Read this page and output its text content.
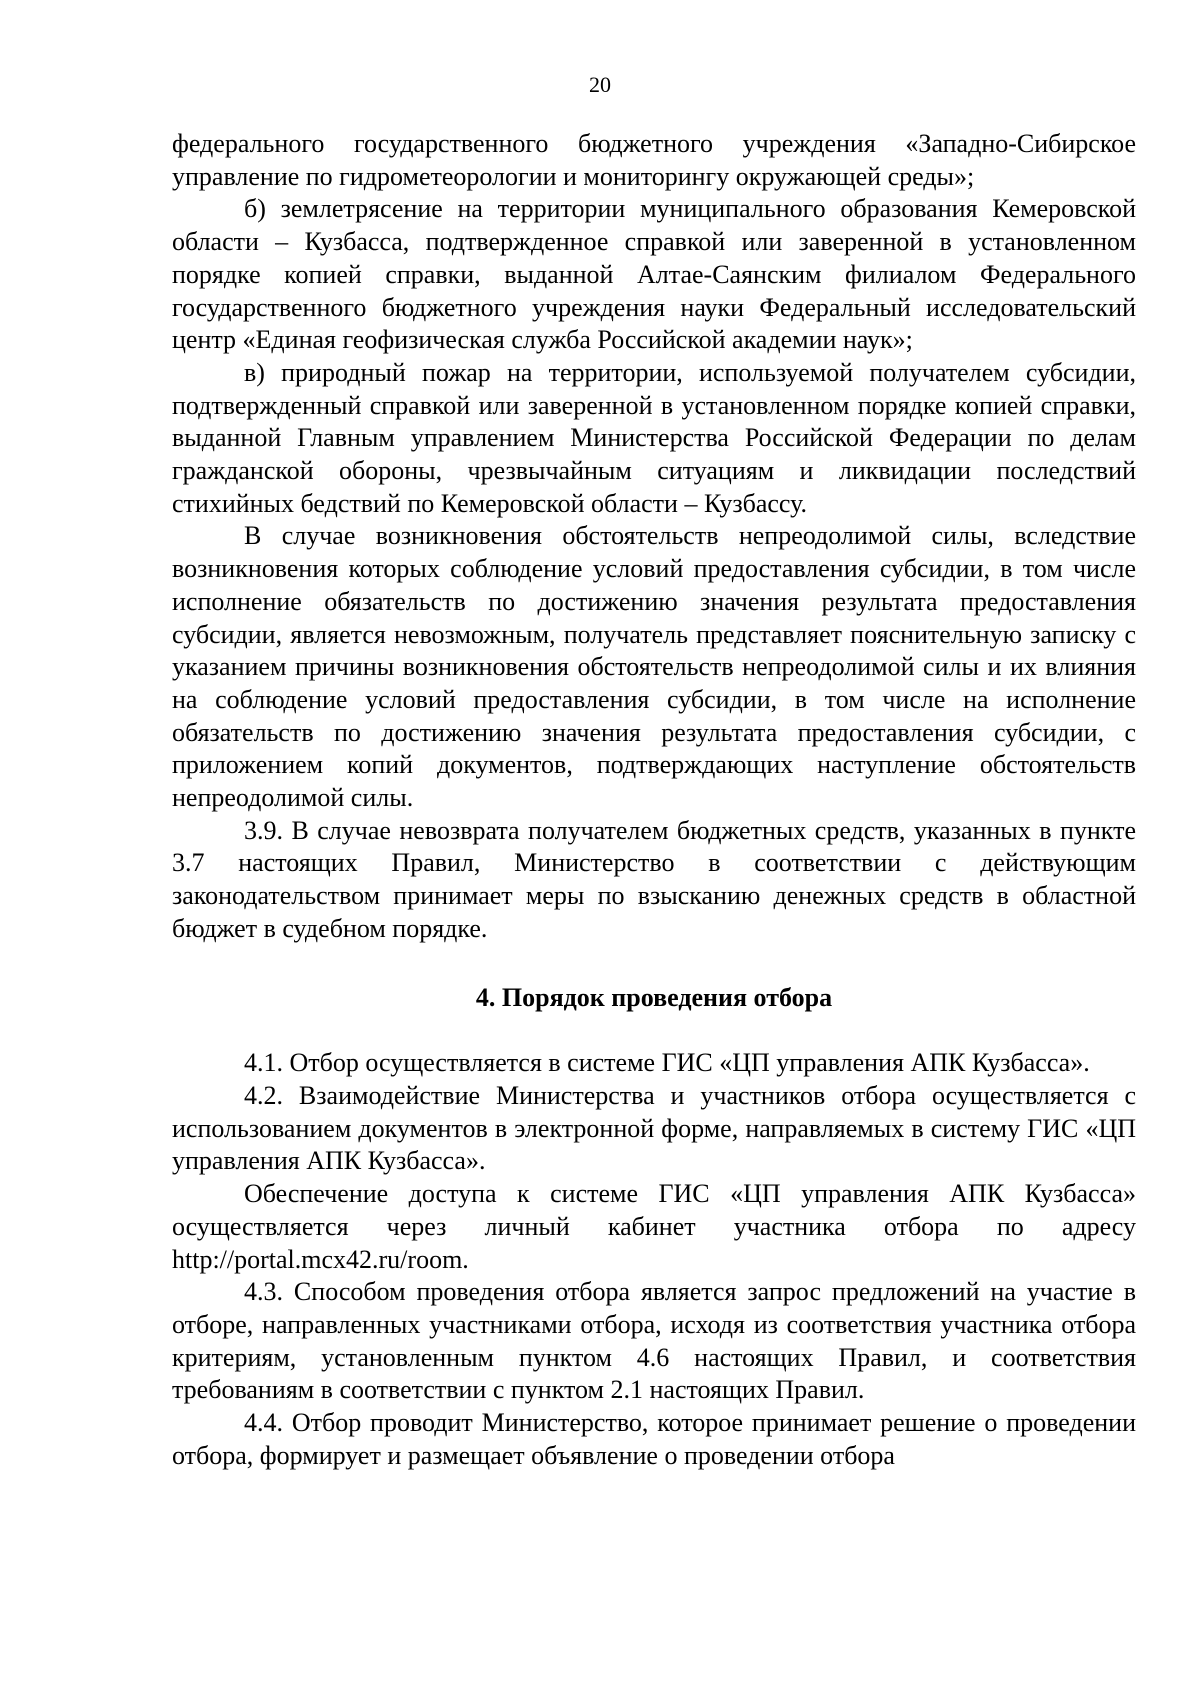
20

федерального государственного бюджетного учреждения «Западно-Сибирское управление по гидрометеорологии и мониторингу окружающей среды»;

б) землетрясение на территории муниципального образования Кемеровской области – Кузбасса, подтвержденное справкой или заверенной в установленном порядке копией справки, выданной Алтае-Саянским филиалом Федерального государственного бюджетного учреждения науки Федеральный исследовательский центр «Единая геофизическая служба Российской академии наук»;

в) природный пожар на территории, используемой получателем субсидии, подтвержденный справкой или заверенной в установленном порядке копией справки, выданной Главным управлением Министерства Российской Федерации по делам гражданской обороны, чрезвычайным ситуациям и ликвидации последствий стихийных бедствий по Кемеровской области – Кузбассу.

В случае возникновения обстоятельств непреодолимой силы, вследствие возникновения которых соблюдение условий предоставления субсидии, в том числе исполнение обязательств по достижению значения результата предоставления субсидии, является невозможным, получатель представляет пояснительную записку с указанием причины возникновения обстоятельств непреодолимой силы и их влияния на соблюдение условий предоставления субсидии, в том числе на исполнение обязательств по достижению значения результата предоставления субсидии, с приложением копий документов, подтверждающих наступление обстоятельств непреодолимой силы.

3.9. В случае невозврата получателем бюджетных средств, указанных в пункте 3.7 настоящих Правил, Министерство в соответствии с действующим законодательством принимает меры по взысканию денежных средств в областной бюджет в судебном порядке.

4. Порядок проведения отбора

4.1. Отбор осуществляется в системе ГИС «ЦП управления АПК Кузбасса».

4.2. Взаимодействие Министерства и участников отбора осуществляется с использованием документов в электронной форме, направляемых в систему ГИС «ЦП управления АПК Кузбасса».

Обеспечение доступа к системе ГИС «ЦП управления АПК Кузбасса» осуществляется через личный кабинет участника отбора по адресу http://portal.mcx42.ru/room.

4.3. Способом проведения отбора является запрос предложений на участие в отборе, направленных участниками отбора, исходя из соответствия участника отбора критериям, установленным пунктом 4.6 настоящих Правил, и соответствия требованиям в соответствии с пунктом 2.1 настоящих Правил.

4.4. Отбор проводит Министерство, которое принимает решение о проведении отбора, формирует и размещает объявление о проведении отбора
